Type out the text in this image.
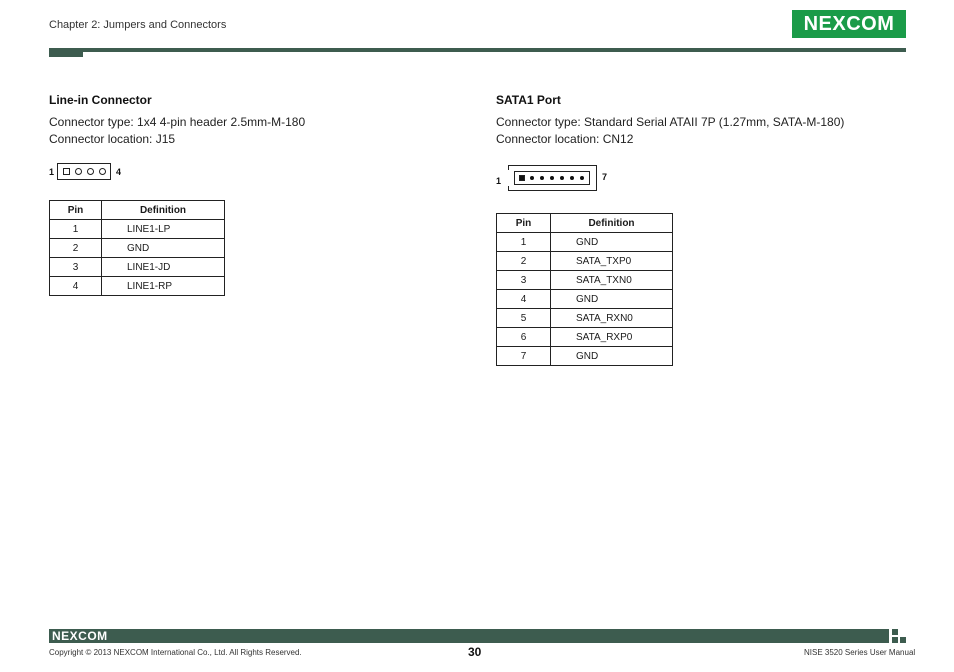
Chapter 2: Jumpers and Connectors	NEXCOM
Line-in Connector
Connector type: 1x4 4-pin header 2.5mm-M-180
Connector location: J15
1	4
Pin	Definition
1	LINE1-LP
2	GND
3	LINE1-JD
4	LINE1-RP
SATA1 Port
Connector type: Standard Serial ATAII 7P (1.27mm, SATA-M-180)
Connector location: CN12
1	7
Pin	Definition
1	GND
2	SATA_TXP0
3	SATA_TXN0
4	GND
5	SATA_RXN0
6	SATA_RXP0
7	GND
NEXCOM
Copyright © 2013 NEXCOM International Co., Ltd. All Rights Reserved.	30	NISE 3520 Series User Manual
